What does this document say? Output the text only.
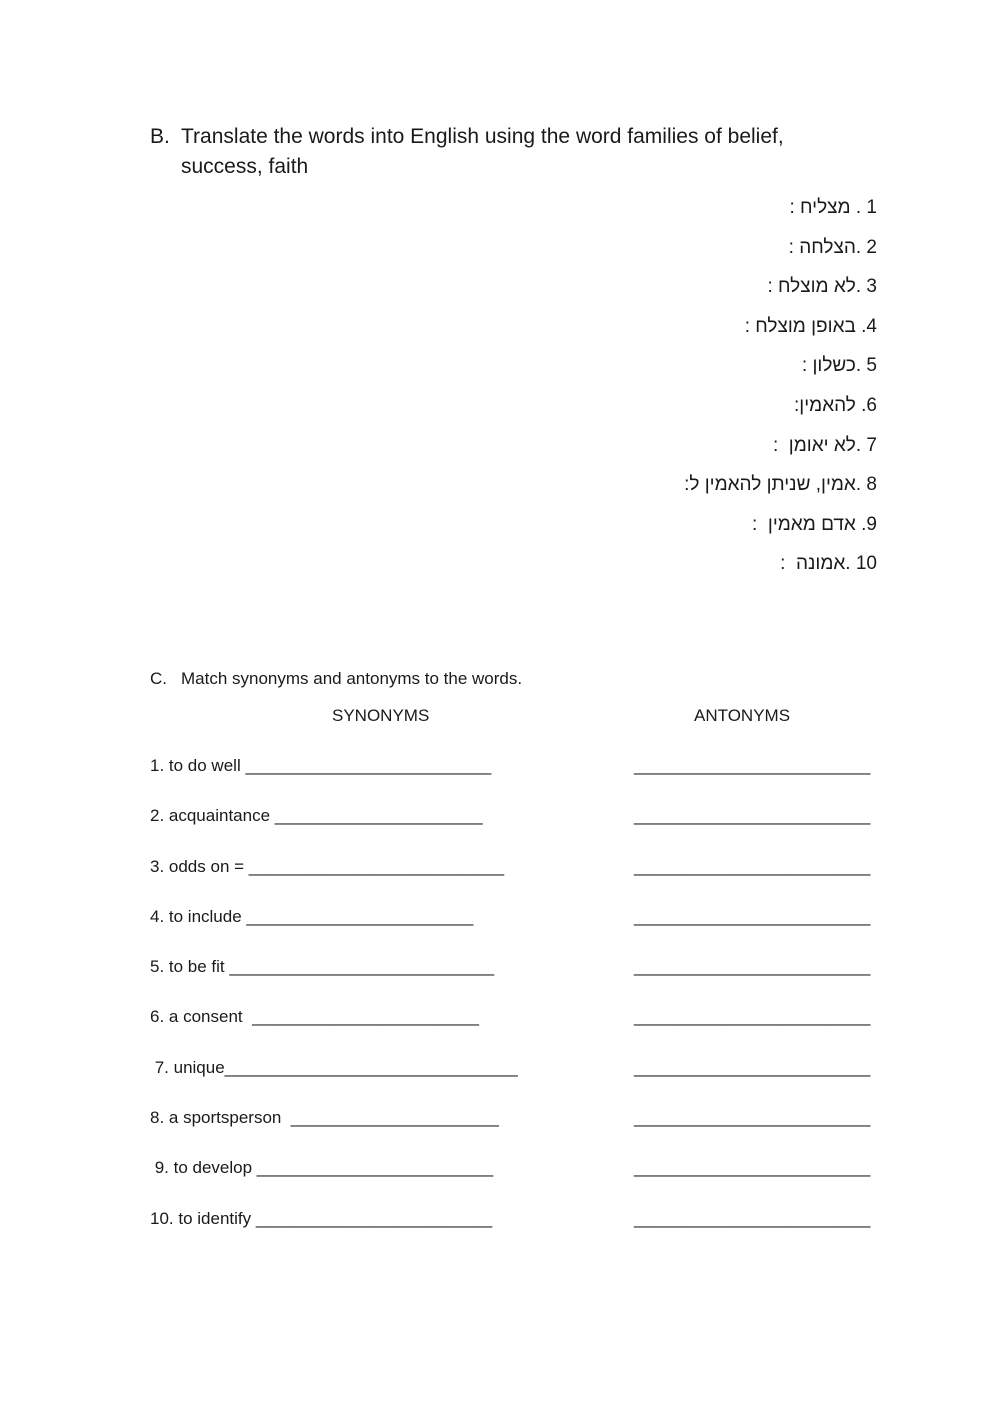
B. Translate the words into English using the word families of belief, success, faith
1 . מצליח :
2 .הצלחה :
3 .לא מוצלח :
4. באופן מוצלח :
5 .כשלון :
6. להאמין:
7 .לא יאומן  :
8 .אמין, שניתן להאמין ל:
9. אדם מאמין  :
10 .אמונה  :
C. Match synonyms and antonyms to the words.
SYNONYMS	ANTONYMS
1. to do well __________________________	_________________________
2. acquaintance ______________________	_________________________
3. odds on = ___________________________	_________________________
4. to include ________________________	_________________________
5. to be fit ____________________________	_________________________
6. a consent  ________________________	_________________________
7. unique_______________________________	_________________________
8. a sportsperson  ______________________	_________________________
9. to develop _________________________	_________________________
10. to identify _________________________	_________________________
